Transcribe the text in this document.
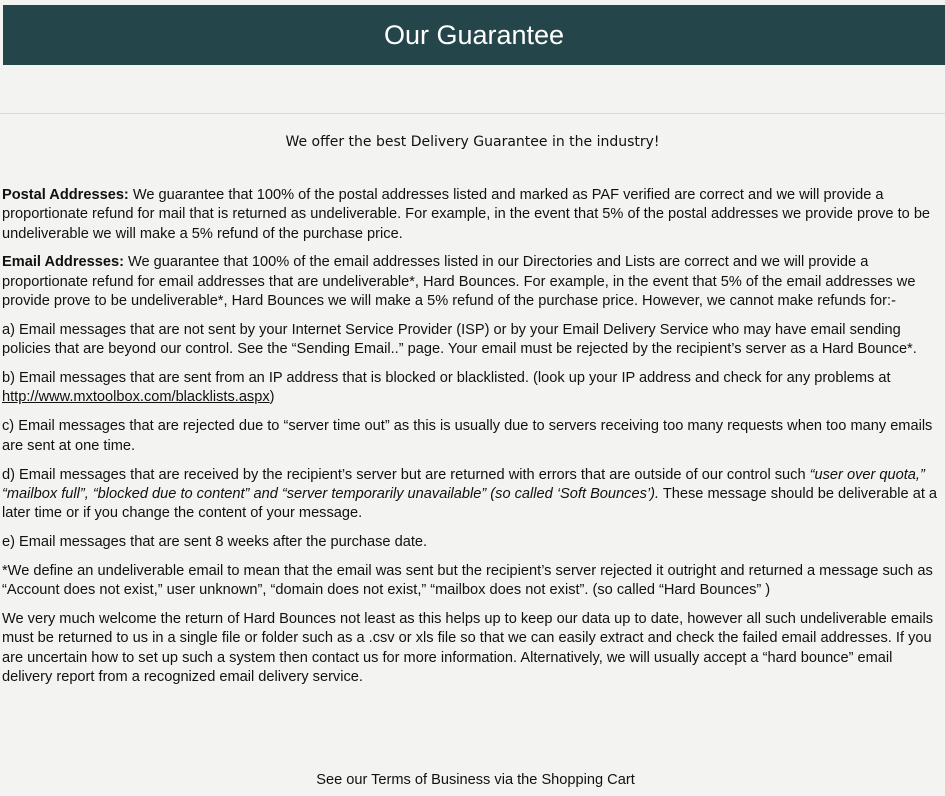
Our Guarantee
We offer the best Delivery Guarantee in the industry!

Postal Addresses: We guarantee that 100% of the postal addresses listed and marked as PAF verified are correct and we will provide a proportionate refund for mail that is returned as undeliverable. For example, in the event that 5% of the postal addresses we provide prove to be undeliverable we will make a 5% refund of the purchase price.

Email Addresses: We guarantee that 100% of the email addresses listed in our Directories and Lists are correct and we will provide a proportionate refund for email addresses that are undeliverable*, Hard Bounces. For example, in the event that 5% of the email addresses we provide prove to be undeliverable*, Hard Bounces we will make a 5% refund of the purchase price. However, we cannot make refunds for:-

a) Email messages that are not sent by your Internet Service Provider (ISP) or by your Email Delivery Service who may have email sending policies that are beyond our control. See the “Sending Email..” page. Your email must be rejected by the recipient’s server as a Hard Bounce*.

b) Email messages that are sent from an IP address that is blocked or blacklisted. (look up your IP address and check for any problems at http://www.mxtoolbox.com/blacklists.aspx)

c) Email messages that are rejected due to “server time out” as this is usually due to servers receiving too many requests when too many emails are sent at one time.

d) Email messages that are received by the recipient’s server but are returned with errors that are outside of our control such “user over quota,” “mailbox full”, “blocked due to content” and “server temporarily unavailable” (so called ‘Soft Bounces’). These message should be deliverable at a later time or if you change the content of your message.

e) Email messages that are sent 8 weeks after the purchase date.

*We define an undeliverable email to mean that the email was sent but the recipient’s server rejected it outright and returned a message such as “Account does not exist,” user unknown”, “domain does not exist,” “mailbox does not exist”. (so called “Hard Bounces” )

We very much welcome the return of Hard Bounces not least as this helps up to keep our data up to date, however all such undeliverable emails must be returned to us in a single file or folder such as a .csv or xls file so that we can easily extract and check the failed email addresses. If you are uncertain how to set up such a system then contact us for more information. Alternatively, we will usually accept a “hard bounce” email delivery report from a recognized email delivery service.

See our Terms of Business via the Shopping Cart
